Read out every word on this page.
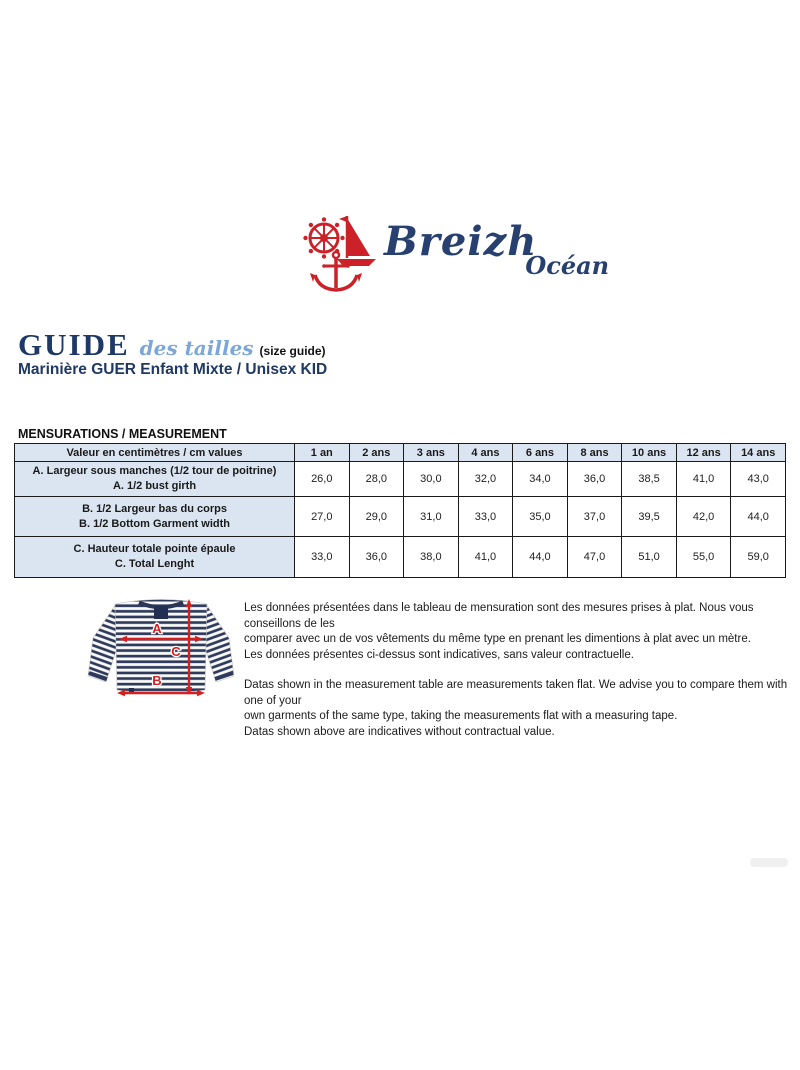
Breizh
Océan
GUIDE des tailles (size guide)
Marinière GUER Enfant Mixte / Unisex KID
MENSURATIONS / MEASUREMENT
Valeur en centimètres / cm values	1 an	2 ans	3 ans	4 ans	6 ans	8 ans	10 ans	12 ans	14 ans

A. Largeur sous manches (1/2 tour de poitrine)
A. 1/2 bust girth	26,0	28,0	30,0	32,0	34,0	36,0	38,5	41,0	43,0

B. 1/2 Largeur bas du corps
B. 1/2 Bottom Garment width	27,0	29,0	31,0	33,0	35,0	37,0	39,5	42,0	44,0

C. Hauteur totale pointe épaule
C. Total Lenght	33,0	36,0	38,0	41,0	44,0	47,0	51,0	55,0	59,0
A
C
B
Les données présentées dans le tableau de mensuration sont des mesures prises à plat. Nous vous conseillons de les
comparer avec un de vos vêtements du même type en prenant les dimentions à plat avec un mètre.
Les données présentes ci-dessus sont indicatives, sans valeur contractuelle.
Datas shown in the measurement table are measurements taken flat. We advise you to compare them with one of your
own garments of the same type, taking the measurements flat with a measuring tape.
Datas shown above are indicatives without contractual value.
